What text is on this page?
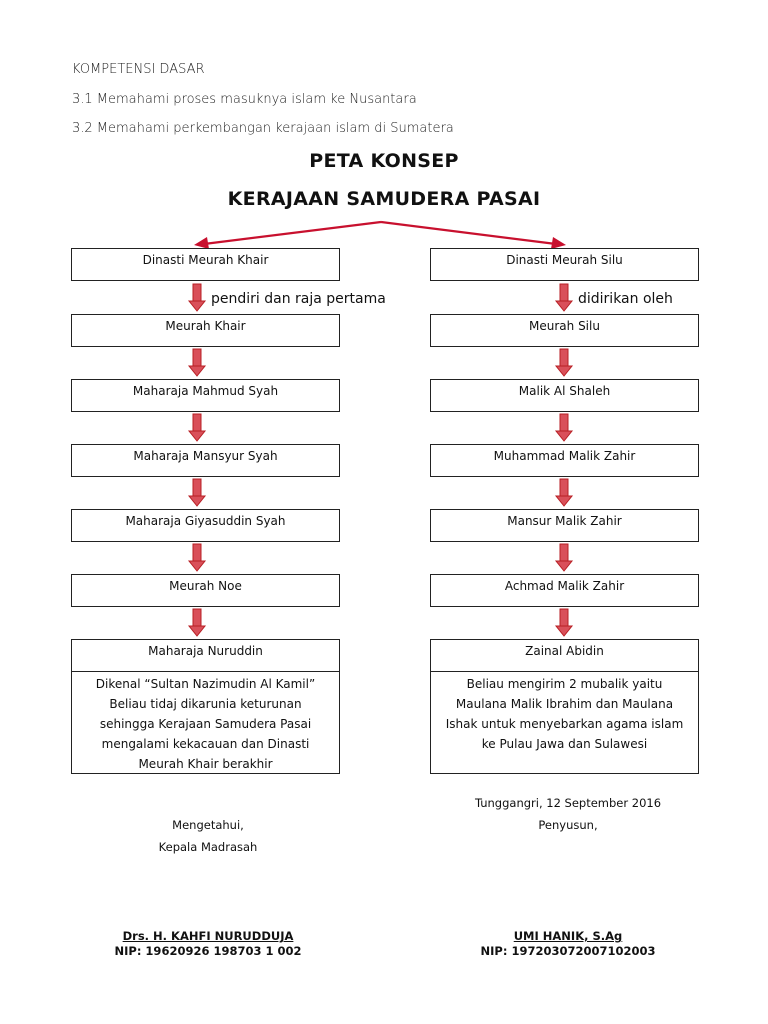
KOMPETENSI DASAR
3.1 Memahami proses masuknya islam ke Nusantara
3.2 Memahami perkembangan kerajaan islam di Sumatera
PETA KONSEP
KERAJAAN SAMUDERA PASAI
Dinasti Meurah Khair	Dinasti Meurah Silu
pendiri dan raja pertama	didirikan oleh
Meurah Khair
Maharaja Mahmud Syah
Maharaja Mansyur Syah
Maharaja Giyasuddin Syah
Meurah Noe
Maharaja Nuruddin
Meurah Silu
Malik Al Shaleh
Muhammad Malik Zahir
Mansur Malik Zahir
Achmad Malik Zahir
Zainal Abidin
Dikenal “Sultan Nazimudin Al Kamil”
Beliau tidaj dikarunia keturunan
sehingga Kerajaan Samudera Pasai
mengalami kekacauan dan Dinasti
Meurah Khair berakhir
Beliau mengirim 2 mubalik yaitu
Maulana Malik Ibrahim dan Maulana
Ishak untuk menyebarkan agama islam
ke Pulau Jawa dan Sulawesi
Tunggangri, 12 September 2016
Mengetahui,	Penyusun,
Kepala Madrasah
Drs. H. KAHFI NURUDDUJA
NIP: 19620926 198703 1 002
UMI HANIK, S.Ag
NIP: 197203072007102003
